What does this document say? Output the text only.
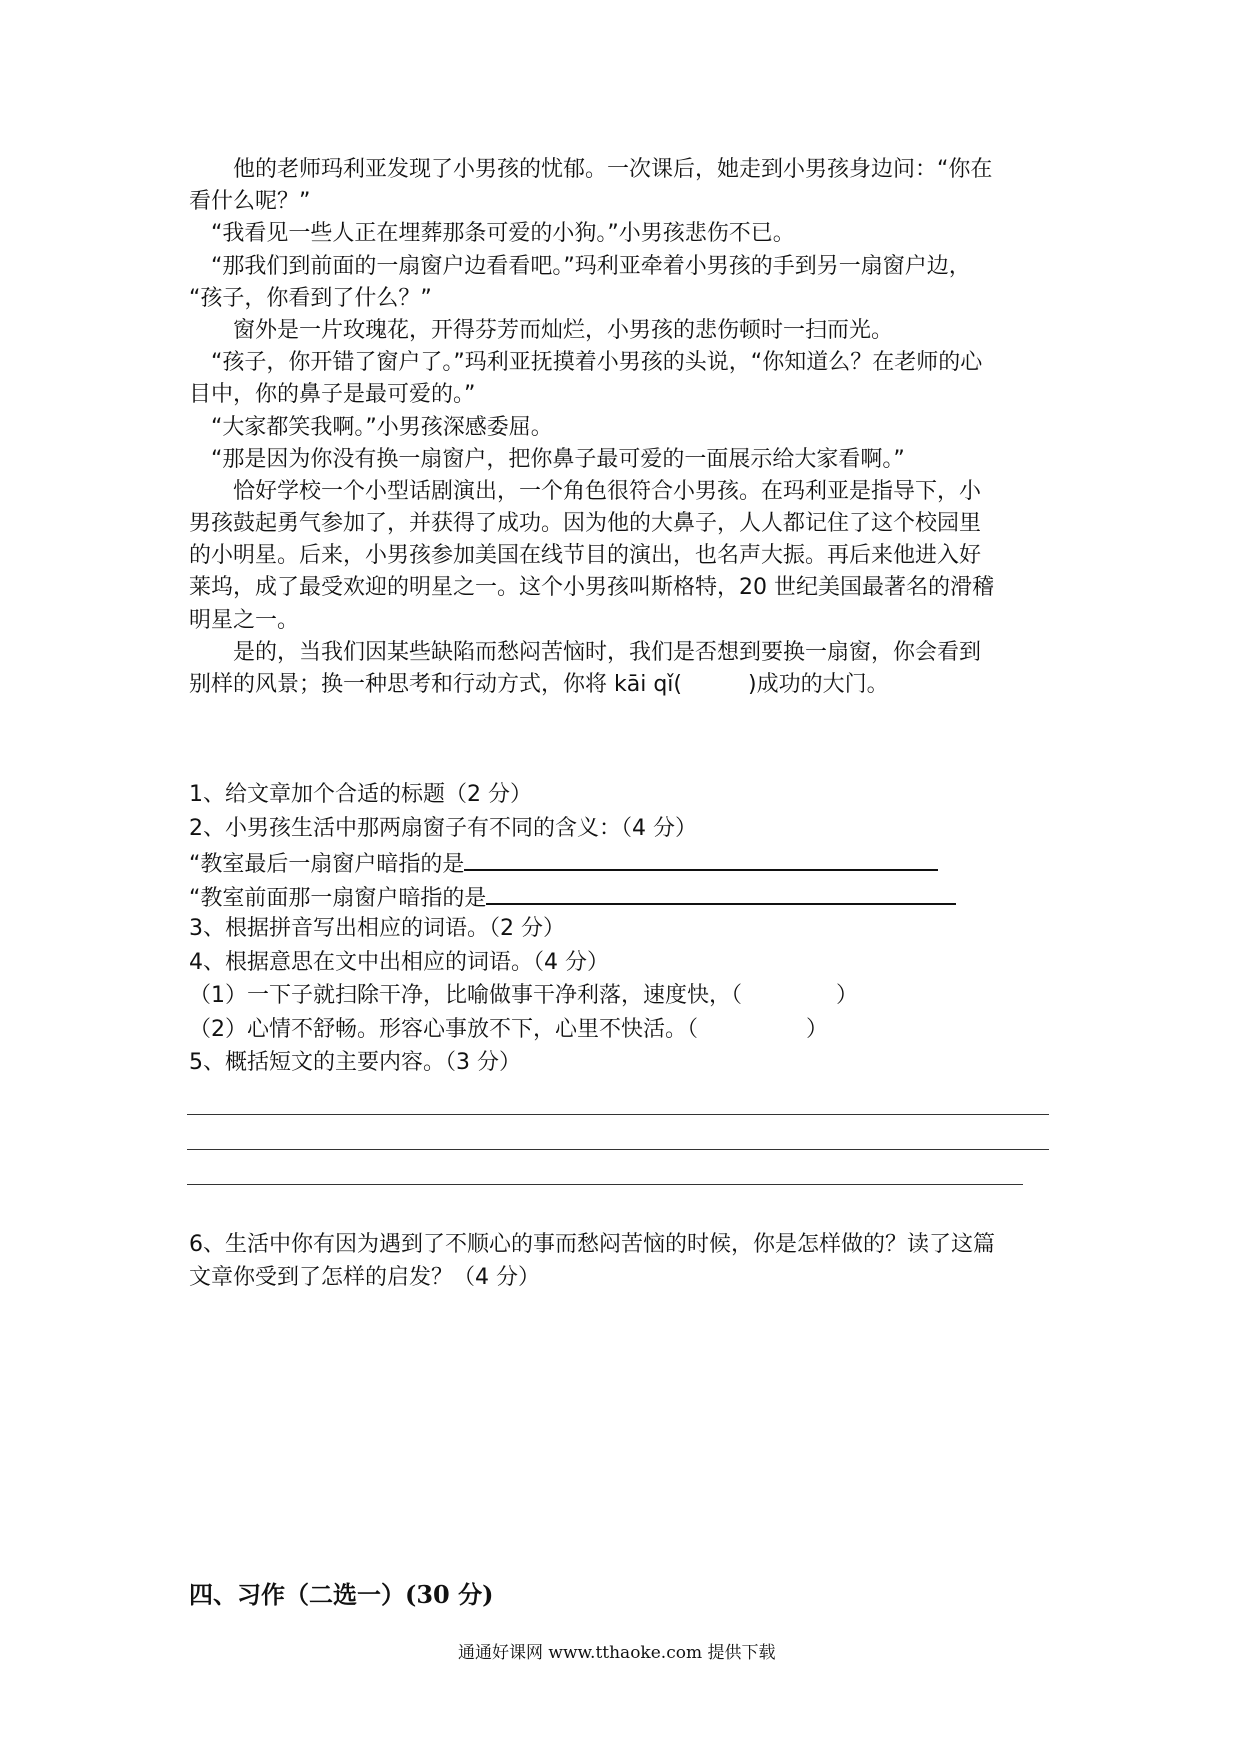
　　他的老师玛利亚发现了小男孩的忧郁。一次课后，她走到小男孩身边问：“你在
看什么呢？”
　“我看见一些人正在埋葬那条可爱的小狗。”小男孩悲伤不已。
　“那我们到前面的一扇窗户边看看吧。”玛利亚牵着小男孩的手到另一扇窗户边，
“孩子，你看到了什么？”
　　窗外是一片玫瑰花，开得芬芳而灿烂，小男孩的悲伤顿时一扫而光。
　“孩子，你开错了窗户了。”玛利亚抚摸着小男孩的头说，“你知道么？在老师的心
目中，你的鼻子是最可爱的。”
　“大家都笑我啊。”小男孩深感委屈。
　“那是因为你没有换一扇窗户，把你鼻子最可爱的一面展示给大家看啊。”
　　恰好学校一个小型话剧演出，一个角色很符合小男孩。在玛利亚是指导下，小
男孩鼓起勇气参加了，并获得了成功。因为他的大鼻子，人人都记住了这个校园里
的小明星。后来，小男孩参加美国在线节目的演出，也名声大振。再后来他进入好
莱坞，成了最受欢迎的明星之一。这个小男孩叫斯格特，20 世纪美国最著名的滑稽
明星之一。
　　是的，当我们因某些缺陷而愁闷苦恼时，我们是否想到要换一扇窗，你会看到
别样的风景；换一种思考和行动方式，你将 kāi qǐ(	)成功的大门。
1、给文章加个合适的标题（2 分）
2、小男孩生活中那两扇窗子有不同的含义：（4 分）
“教室最后一扇窗户暗指的是
“教室前面那一扇窗户暗指的是
3、根据拼音写出相应的词语。（2 分）
4、根据意思在文中出相应的词语。（4 分）
（1）一下子就扫除干净，比喻做事干净利落，速度快，（	）
（2）心情不舒畅。形容心事放不下，心里不快活。（	）
5、概括短文的主要内容。（3 分）
6、生活中你有因为遇到了不顺心的事而愁闷苦恼的时候，你是怎样做的？读了这篇
文章你受到了怎样的启发？（4 分）
四、习作（二选一）(30 分)
通通好课网 www.tthaoke.com 提供下载
